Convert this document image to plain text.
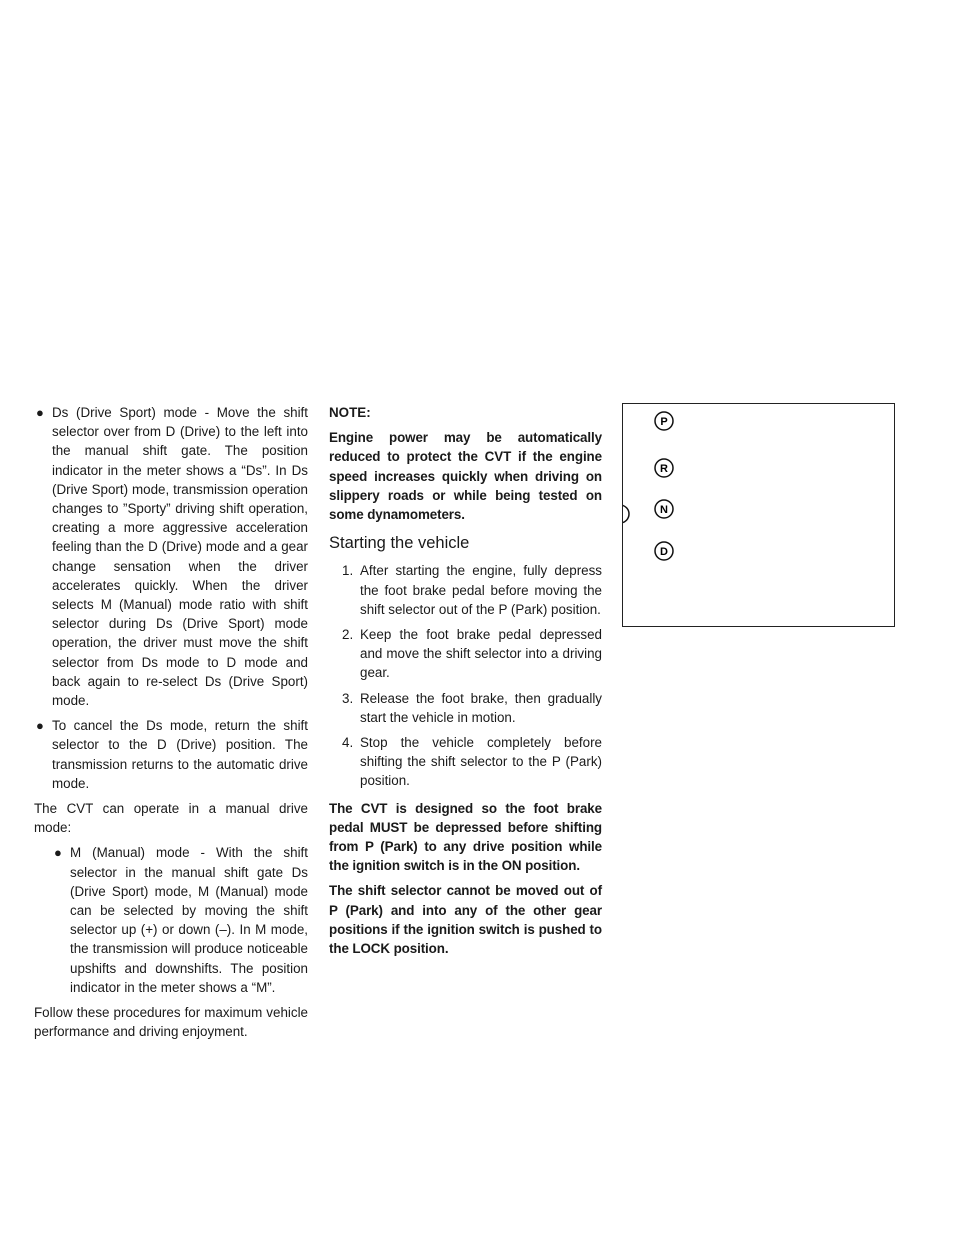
● Ds (Drive Sport) mode - Move the shift selector over from D (Drive) to the left into the manual shift gate. The position indicator in the meter shows a “Ds”. In Ds (Drive Sport) mode, transmission operation changes to ”Sporty” driving shift operation, creating a more aggressive acceleration feeling than the D (Drive) mode and a gear change sensation when the driver accelerates quickly. When the driver selects M (Manual) mode ratio with shift selector during Ds (Drive Sport) mode operation, the driver must move the shift selector from Ds mode to D mode and back again to re-select Ds (Drive Sport) mode.
● To cancel the Ds mode, return the shift selector to the D (Drive) position. The transmission returns to the automatic drive mode.

The CVT can operate in a manual drive mode:

● M (Manual) mode - With the shift selector in the manual shift gate Ds (Drive Sport) mode, M (Manual) mode can be selected by moving the shift selector up (+) or down (–). In M mode, the transmission will produce noticeable upshifts and downshifts. The position indicator in the meter shows a “M”.

Follow these procedures for maximum vehicle performance and driving enjoyment.

NOTE:

Engine power may be automatically reduced to protect the CVT if the engine speed increases quickly when driving on slippery roads or while being tested on some dynamometers.

Starting the vehicle
1. After starting the engine, fully depress the foot brake pedal before moving the shift selector out of the P (Park) position.
2. Keep the foot brake pedal depressed and move the shift selector into a driving gear.
3. Release the foot brake, then gradually start the vehicle in motion.
4. Stop the vehicle completely before shifting the shift selector to the P (Park) position.

The CVT is designed so the foot brake pedal MUST be depressed before shifting from P (Park) to any drive position while the ignition switch is in the ON position.

The shift selector cannot be moved out of P (Park) and into any of the other gear positions if the ignition switch is pushed to the LOCK position.

P
R
N
D
